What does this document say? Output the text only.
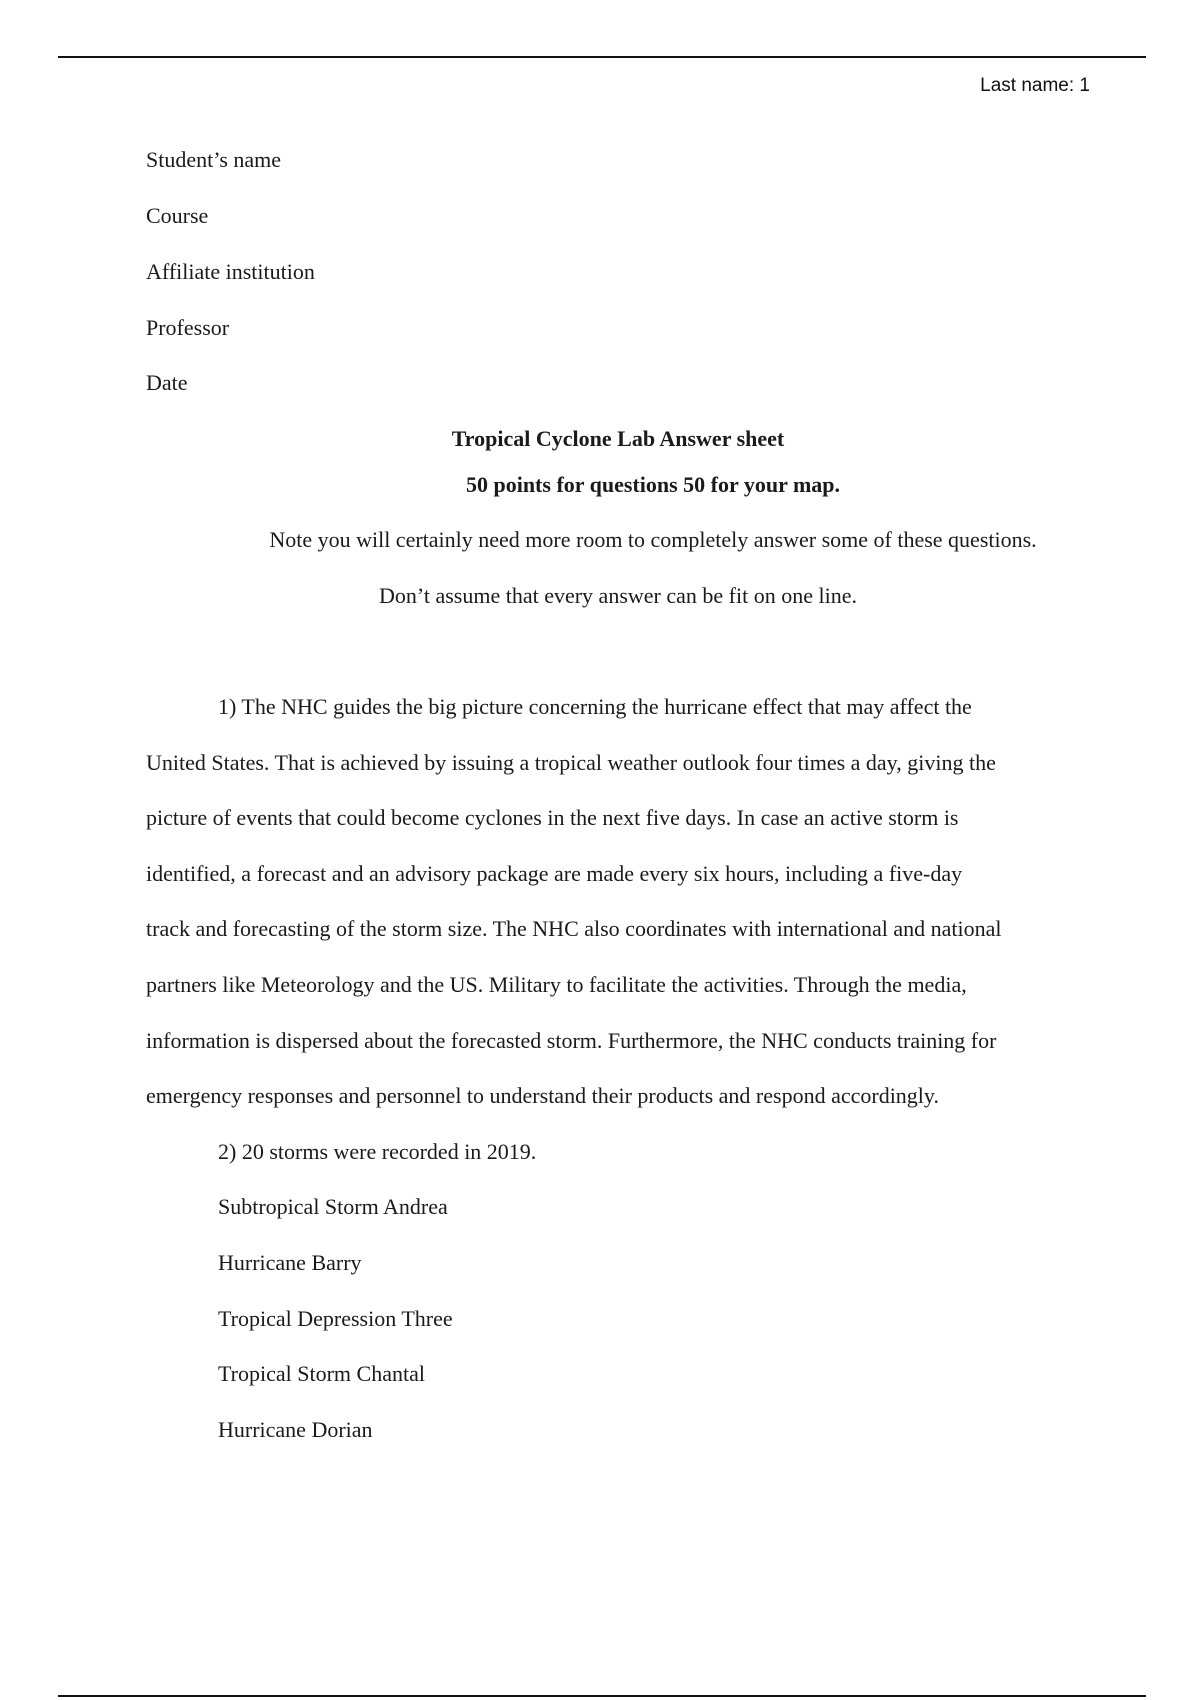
Last name: 1
Student’s name
Course
Affiliate institution
Professor
Date
Tropical Cyclone Lab Answer sheet
50 points for questions 50 for your map.
Note you will certainly need more room to completely answer some of these questions.
Don’t assume that every answer can be fit on one line.
1) The NHC guides the big picture concerning the hurricane effect that may affect the
United States. That is achieved by issuing a tropical weather outlook four times a day, giving the
picture of events that could become cyclones in the next five days. In case an active storm is
identified, a forecast and an advisory package are made every six hours, including a five-day
track and forecasting of the storm size. The NHC also coordinates with international and national
partners like Meteorology and the US. Military to facilitate the activities. Through the media,
information is dispersed about the forecasted storm. Furthermore, the NHC conducts training for
emergency responses and personnel to understand their products and respond accordingly.
2) 20 storms were recorded in 2019.
Subtropical Storm Andrea
Hurricane Barry
Tropical Depression Three
Tropical Storm Chantal
Hurricane Dorian
